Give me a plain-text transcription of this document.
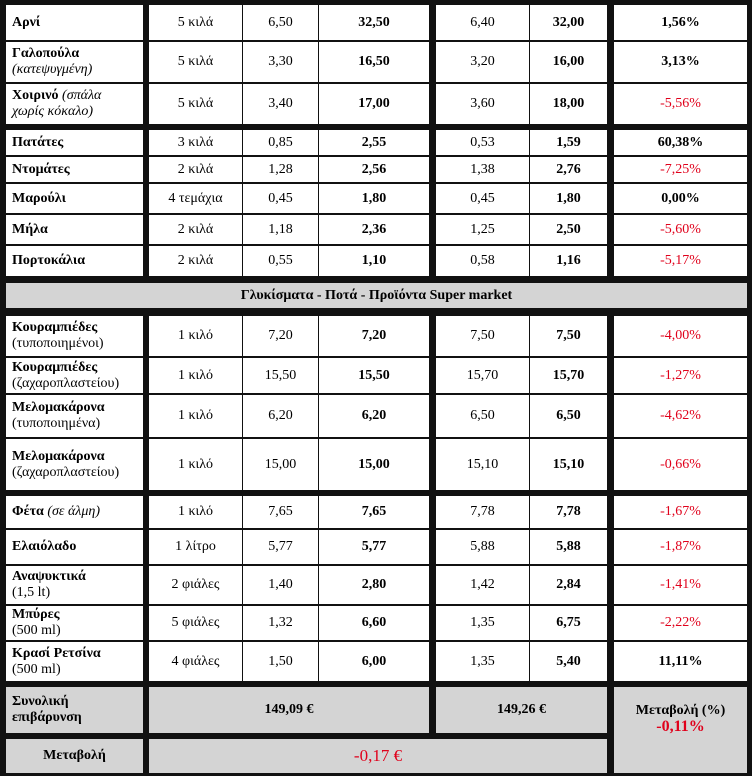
Αρνί	5 κιλά	6,50	32,50	6,40	32,00	1,56%
Γαλοπούλα
(κατεψυγμένη)
5 κιλά	3,30	16,50	3,20	16,00	3,13%
Χοιρινό (σπάλα
χωρίς κόκαλο)
5 κιλά	3,40	17,00	3,60	18,00	-5,56%
Πατάτες	3 κιλά	0,85	2,55	0,53	1,59	60,38%
Ντομάτες	2 κιλά	1,28	2,56	1,38	2,76	-7,25%
Μαρούλι	4 τεμάχια	0,45	1,80	0,45	1,80	0,00%
Μήλα	2 κιλά	1,18	2,36	1,25	2,50	-5,60%
Πορτοκάλια	2 κιλά	0,55	1,10	0,58	1,16	-5,17%
Κουραμπιέδες
(τυποποιημένοι)
1 κιλό	7,20	7,20	7,50	7,50	-4,00%
Κουραμπιέδες
(ζαχαροπλαστείου)
1 κιλό	15,50	15,50	15,70	15,70	-1,27%
Μελομακάρονα
(τυποποιημένα)
1 κιλό	6,20	6,20	6,50	6,50	-4,62%
Μελομακάρονα
(ζαχαροπλαστείου)
1 κιλό	15,00	15,00	15,10	15,10	-0,66%
Φέτα (σε άλμη)	1 κιλό	7,65	7,65	7,78	7,78	-1,67%
Ελαιόλαδο	1 λίτρο	5,77	5,77	5,88	5,88	-1,87%
Αναψυκτικά
(1,5 lt)
2 φιάλες	1,40	2,80	1,42	2,84	-1,41%
Μπύρες
(500 ml)
5 φιάλες	1,32	6,60	1,35	6,75	-2,22%
Κρασί Ρετσίνα
(500 ml)
4 φιάλες	1,50	6,00	1,35	5,40	11,11%
Γλυκίσματα - Ποτά - Προϊόντα Super market
Συνολική
επιβάρυνση
149,09 €	149,26 €	Μεταβολή (%)
-0,11%
Μεταβολή	-0,17 €
